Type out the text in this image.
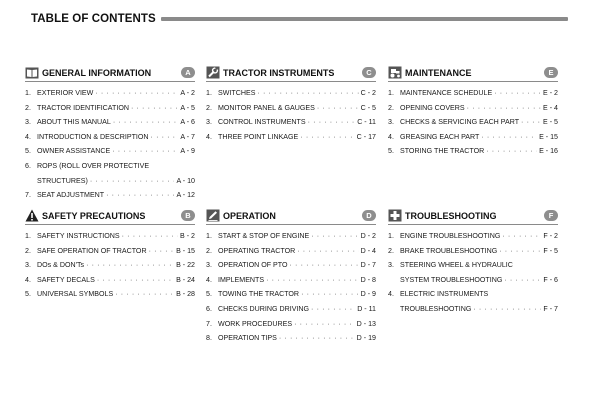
TABLE OF CONTENTS
GENERAL INFORMATION	A
1. EXTERIOR VIEW · · ·	A - 2
2. TRACTOR IDENTIFICATION · · ·	A - 5
3. ABOUT THIS MANUAL · · ·	A - 6
4. INTRODUCTION & DESCRIPTION · · ·	A - 7
5. OWNER ASSISTANCE · · ·	A - 9
6. ROPS (ROLL OVER PROTECTIVE
STRUCTURES) · · ·	A - 10
7. SEAT ADJUSTMENT · · ·	A - 12
TRACTOR INSTRUMENTS	C
1. SWITCHES · · ·	C - 2
2. MONITOR PANEL & GAUGES · · ·	C - 5
3. CONTROL INSTRUMENTS · · ·	C - 11
4. THREE POINT LINKAGE · · ·	C - 17
MAINTENANCE	E
1. MAINTENANCE SCHEDULE · · ·	E - 2
2. OPENING COVERS · · ·	E - 4
3. CHECKS & SERVICING EACH PART · · ·	E - 5
4. GREASING EACH PART · · ·	E - 15
5. STORING THE TRACTOR · · ·	E - 16
SAFETY PRECAUTIONS	B
1. SAFETY INSTRUCTIONS · · ·	B - 2
2. SAFE OPERATION OF TRACTOR · · ·	B - 15
3. DOs & DON'Ts · · ·	B - 22
4. SAFETY DECALS · · ·	B - 24
5. UNIVERSAL SYMBOLS · · ·	B - 28
OPERATION	D
1. START & STOP OF ENGINE · · ·	D - 2
2. OPERATING TRACTOR · · ·	D - 4
3. OPERATION OF PTO · · ·	D - 7
4. IMPLEMENTS · · ·	D - 8
5. TOWING THE TRACTOR · · ·	D - 9
6. CHECKS DURING DRIVING · · ·	D - 11
7. WORK PROCEDURES · · ·	D - 13
8. OPERATION TIPS · · ·	D - 19
TROUBLESHOOTING	F
1. ENGINE TROUBLESHOOTING · · ·	F - 2
2. BRAKE TROUBLESHOOTING · · ·	F - 5
3. STEERING WHEEL & HYDRAULIC
SYSTEM TROUBLESHOOTING · · ·	F - 6
4. ELECTRIC INSTRUMENTS
TROUBLESHOOTING · · ·	F - 7
